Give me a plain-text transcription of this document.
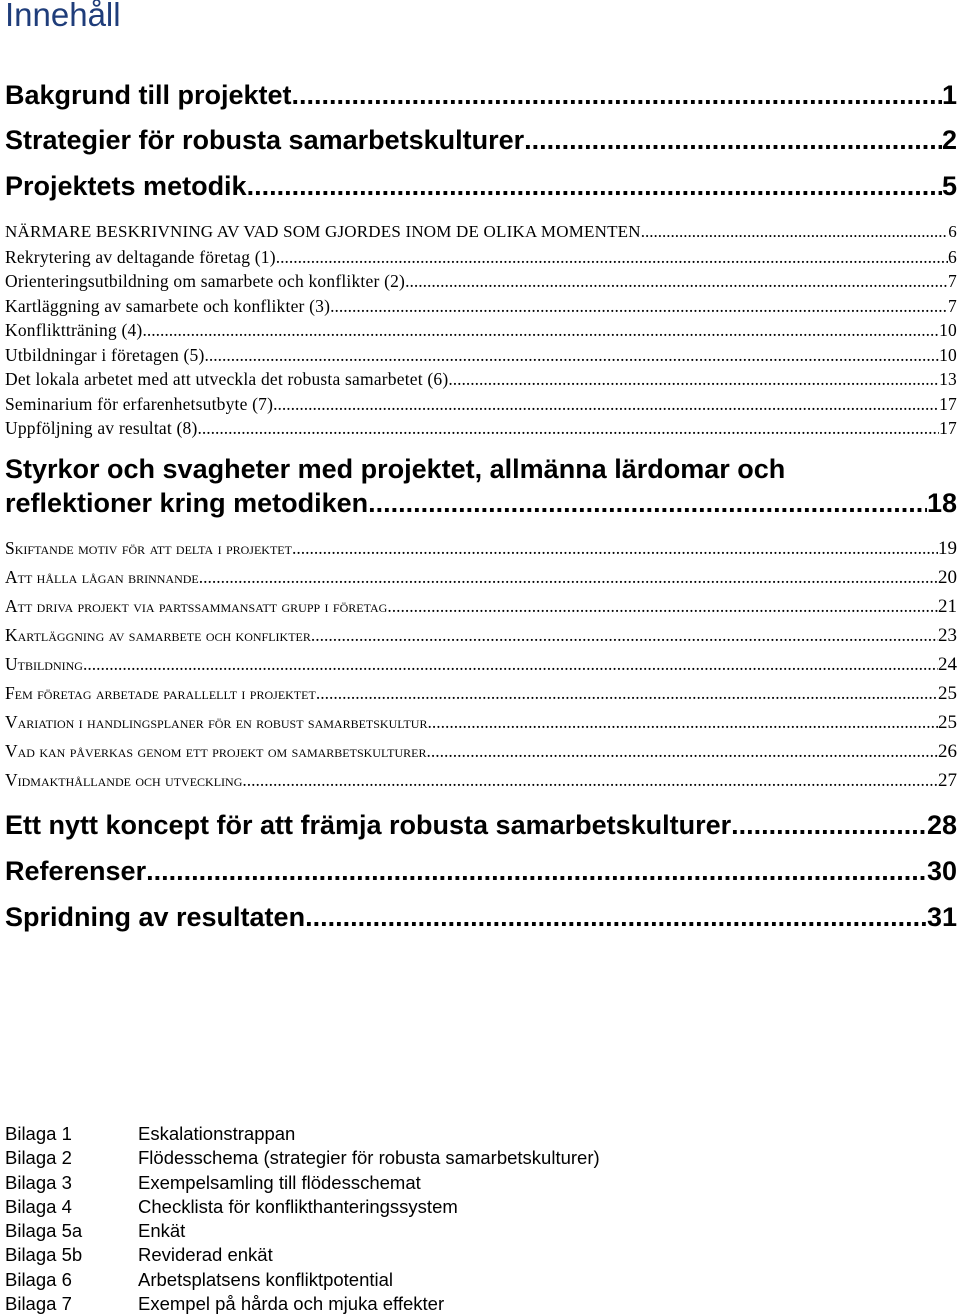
Innehåll
Bakgrund till projektet .....	1
Strategier för robusta samarbetskulturer .....	2
Projektets metodik .....	5
NÄRMARE BESKRIVNING AV VAD SOM GJORDES INOM DE OLIKA MOMENTEN .....	6
Rekrytering av deltagande företag (1) .....	6
Orienteringsutbildning om samarbete och konflikter (2) .....	7
Kartläggning av samarbete och konflikter (3) .....	7
Konfliktträning (4) .....	10
Utbildningar i företagen (5) .....	10
Det lokala arbetet med att utveckla det robusta samarbetet (6) .....	13
Seminarium för erfarenhetsutbyte (7) .....	17
Uppföljning av resultat (8) .....	17
Styrkor och svagheter med projektet, allmänna lärdomar och
reflektioner kring metodiken .....	18
Skiftande motiv för att delta i projektet .....	19
Att hålla lågan brinnande .....	20
Att driva projekt via partssammansatt grupp i företag .....	21
Kartläggning av samarbete och konflikter .....	23
Utbildning .....	24
Fem företag arbetade parallellt i projektet .....	25
Variation i handlingsplaner för en robust samarbetskultur .....	25
Vad kan påverkas genom ett projekt om samarbetskulturer .....	26
Vidmakthållande och utveckling .....	27
Ett nytt koncept för att främja robusta samarbetskulturer .....	28
Referenser .....	30
Spridning av resultaten .....	31
Bilaga 1	Eskalationstrappan
Bilaga 2	Flödesschema (strategier för robusta samarbetskulturer)
Bilaga 3	Exempelsamling till flödesschemat
Bilaga 4	Checklista för konflikthanteringssystem
Bilaga 5a	Enkät
Bilaga 5b	Reviderad enkät
Bilaga 6	Arbetsplatsens konfliktpotential
Bilaga 7	Exempel på hårda och mjuka effekter
